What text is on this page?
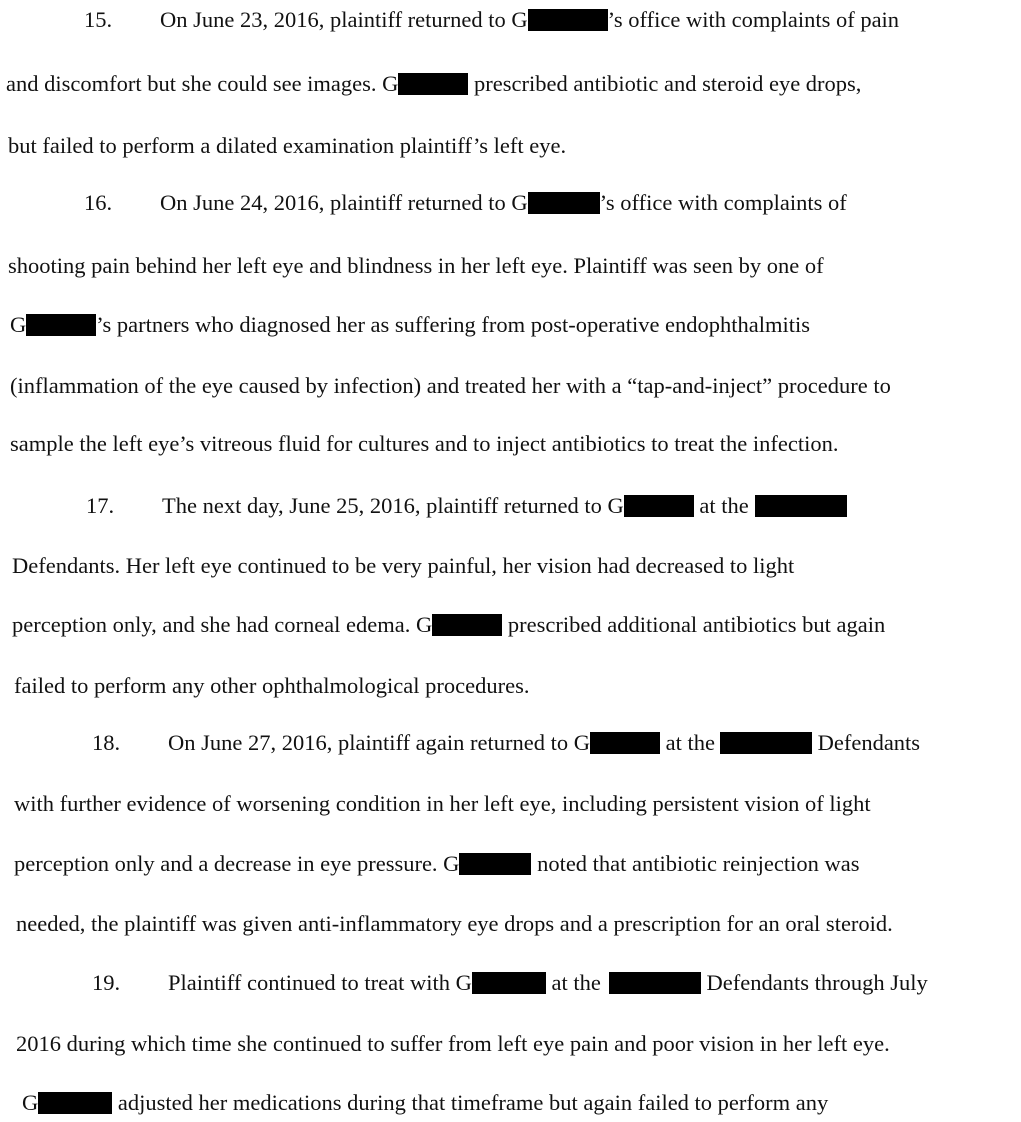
15. On June 23, 2016, plaintiff returned to G	’s office with complaints of pain

and discomfort but she could see images. G	prescribed antibiotic and steroid eye drops,

but failed to perform a dilated examination plaintiff’s left eye.

16. On June 24, 2016, plaintiff returned to G	’s office with complaints of

shooting pain behind her left eye and blindness in her left eye. Plaintiff was seen by one of

G	’s partners who diagnosed her as suffering from post-operative endophthalmitis

(inflammation of the eye caused by infection) and treated her with a “tap-and-inject” procedure to

sample the left eye’s vitreous fluid for cultures and to inject antibiotics to treat the infection.

17. The next day, June 25, 2016, plaintiff returned to G	at the

Defendants. Her left eye continued to be very painful, her vision had decreased to light

perception only, and she had corneal edema. G	prescribed additional antibiotics but again

failed to perform any other ophthalmological procedures.

18. On June 27, 2016, plaintiff again returned to G	at the	Defendants

with further evidence of worsening condition in her left eye, including persistent vision of light

perception only and a decrease in eye pressure. G	noted that antibiotic reinjection was

needed, the plaintiff was given anti-inflammatory eye drops and a prescription for an oral steroid.

19. Plaintiff continued to treat with G	at the	Defendants through July

2016 during which time she continued to suffer from left eye pain and poor vision in her left eye.

G	adjusted her medications during that timeframe but again failed to perform any
